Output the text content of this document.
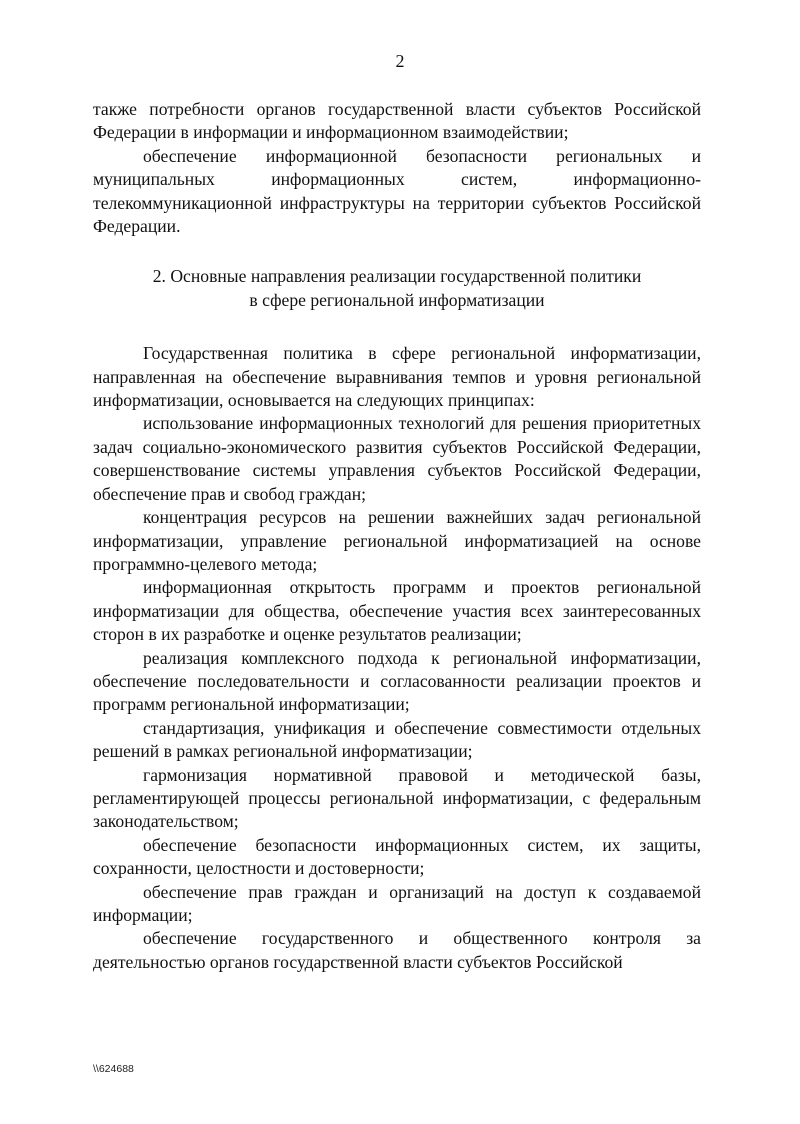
2

также потребности органов государственной власти субъектов Российской Федерации в информации и информационном взаимодействии;

обеспечение информационной безопасности региональных и муниципальных информационных систем, информационно-телекоммуникационной инфраструктуры на территории субъектов Российской Федерации.

2. Основные направления реализации государственной политики
в сфере региональной информатизации

Государственная политика в сфере региональной информатизации, направленная на обеспечение выравнивания темпов и уровня региональной информатизации, основывается на следующих принципах:

использование информационных технологий для решения приоритетных задач социально-экономического развития субъектов Российской Федерации, совершенствование системы управления субъектов Российской Федерации, обеспечение прав и свобод граждан;

концентрация ресурсов на решении важнейших задач региональной информатизации, управление региональной информатизацией на основе программно-целевого метода;

информационная открытость программ и проектов региональной информатизации для общества, обеспечение участия всех заинтересованных сторон в их разработке и оценке результатов реализации;

реализация комплексного подхода к региональной информатизации, обеспечение последовательности и согласованности реализации проектов и программ региональной информатизации;

стандартизация, унификация и обеспечение совместимости отдельных решений в рамках региональной информатизации;

гармонизация нормативной правовой и методической базы, регламентирующей процессы региональной информатизации, с федеральным законодательством;

обеспечение безопасности информационных систем, их защиты, сохранности, целостности и достоверности;

обеспечение прав граждан и организаций на доступ к создаваемой информации;

обеспечение государственного и общественного контроля за деятельностью органов государственной власти субъектов Российской

\\624688
